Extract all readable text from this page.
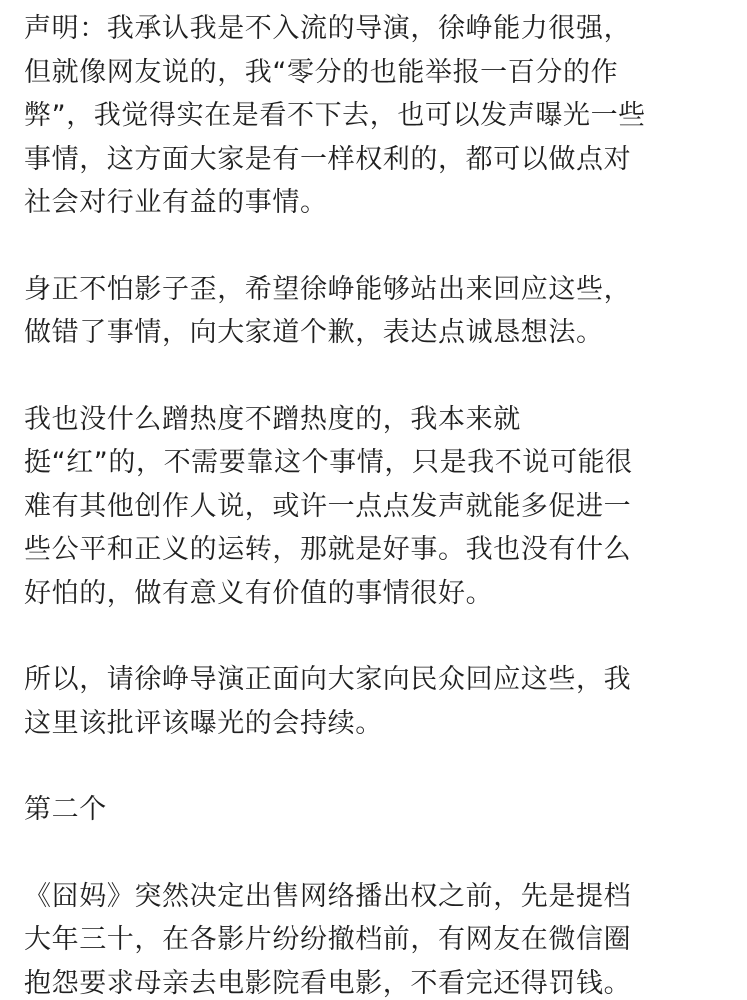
声明：我承认我是不入流的导演，徐峥能力很强，
但就像网友说的，我“零分的也能举报一百分的作
弊”，我觉得实在是看不下去，也可以发声曝光一些
事情，这方面大家是有一样权利的，都可以做点对
社会对行业有益的事情。
身正不怕影子歪，希望徐峥能够站出来回应这些，
做错了事情，向大家道个歉，表达点诚恳想法。
我也没什么蹭热度不蹭热度的，我本来就
挺“红”的，不需要靠这个事情，只是我不说可能很
难有其他创作人说，或许一点点发声就能多促进一
些公平和正义的运转，那就是好事。我也没有什么
好怕的，做有意义有价值的事情很好。
所以，请徐峥导演正面向大家向民众回应这些，我
这里该批评该曝光的会持续。
第二个
《囧妈》突然决定出售网络播出权之前，先是提档
大年三十，在各影片纷纷撤档前，有网友在微信圈
抱怨要求母亲去电影院看电影，不看完还得罚钱。
